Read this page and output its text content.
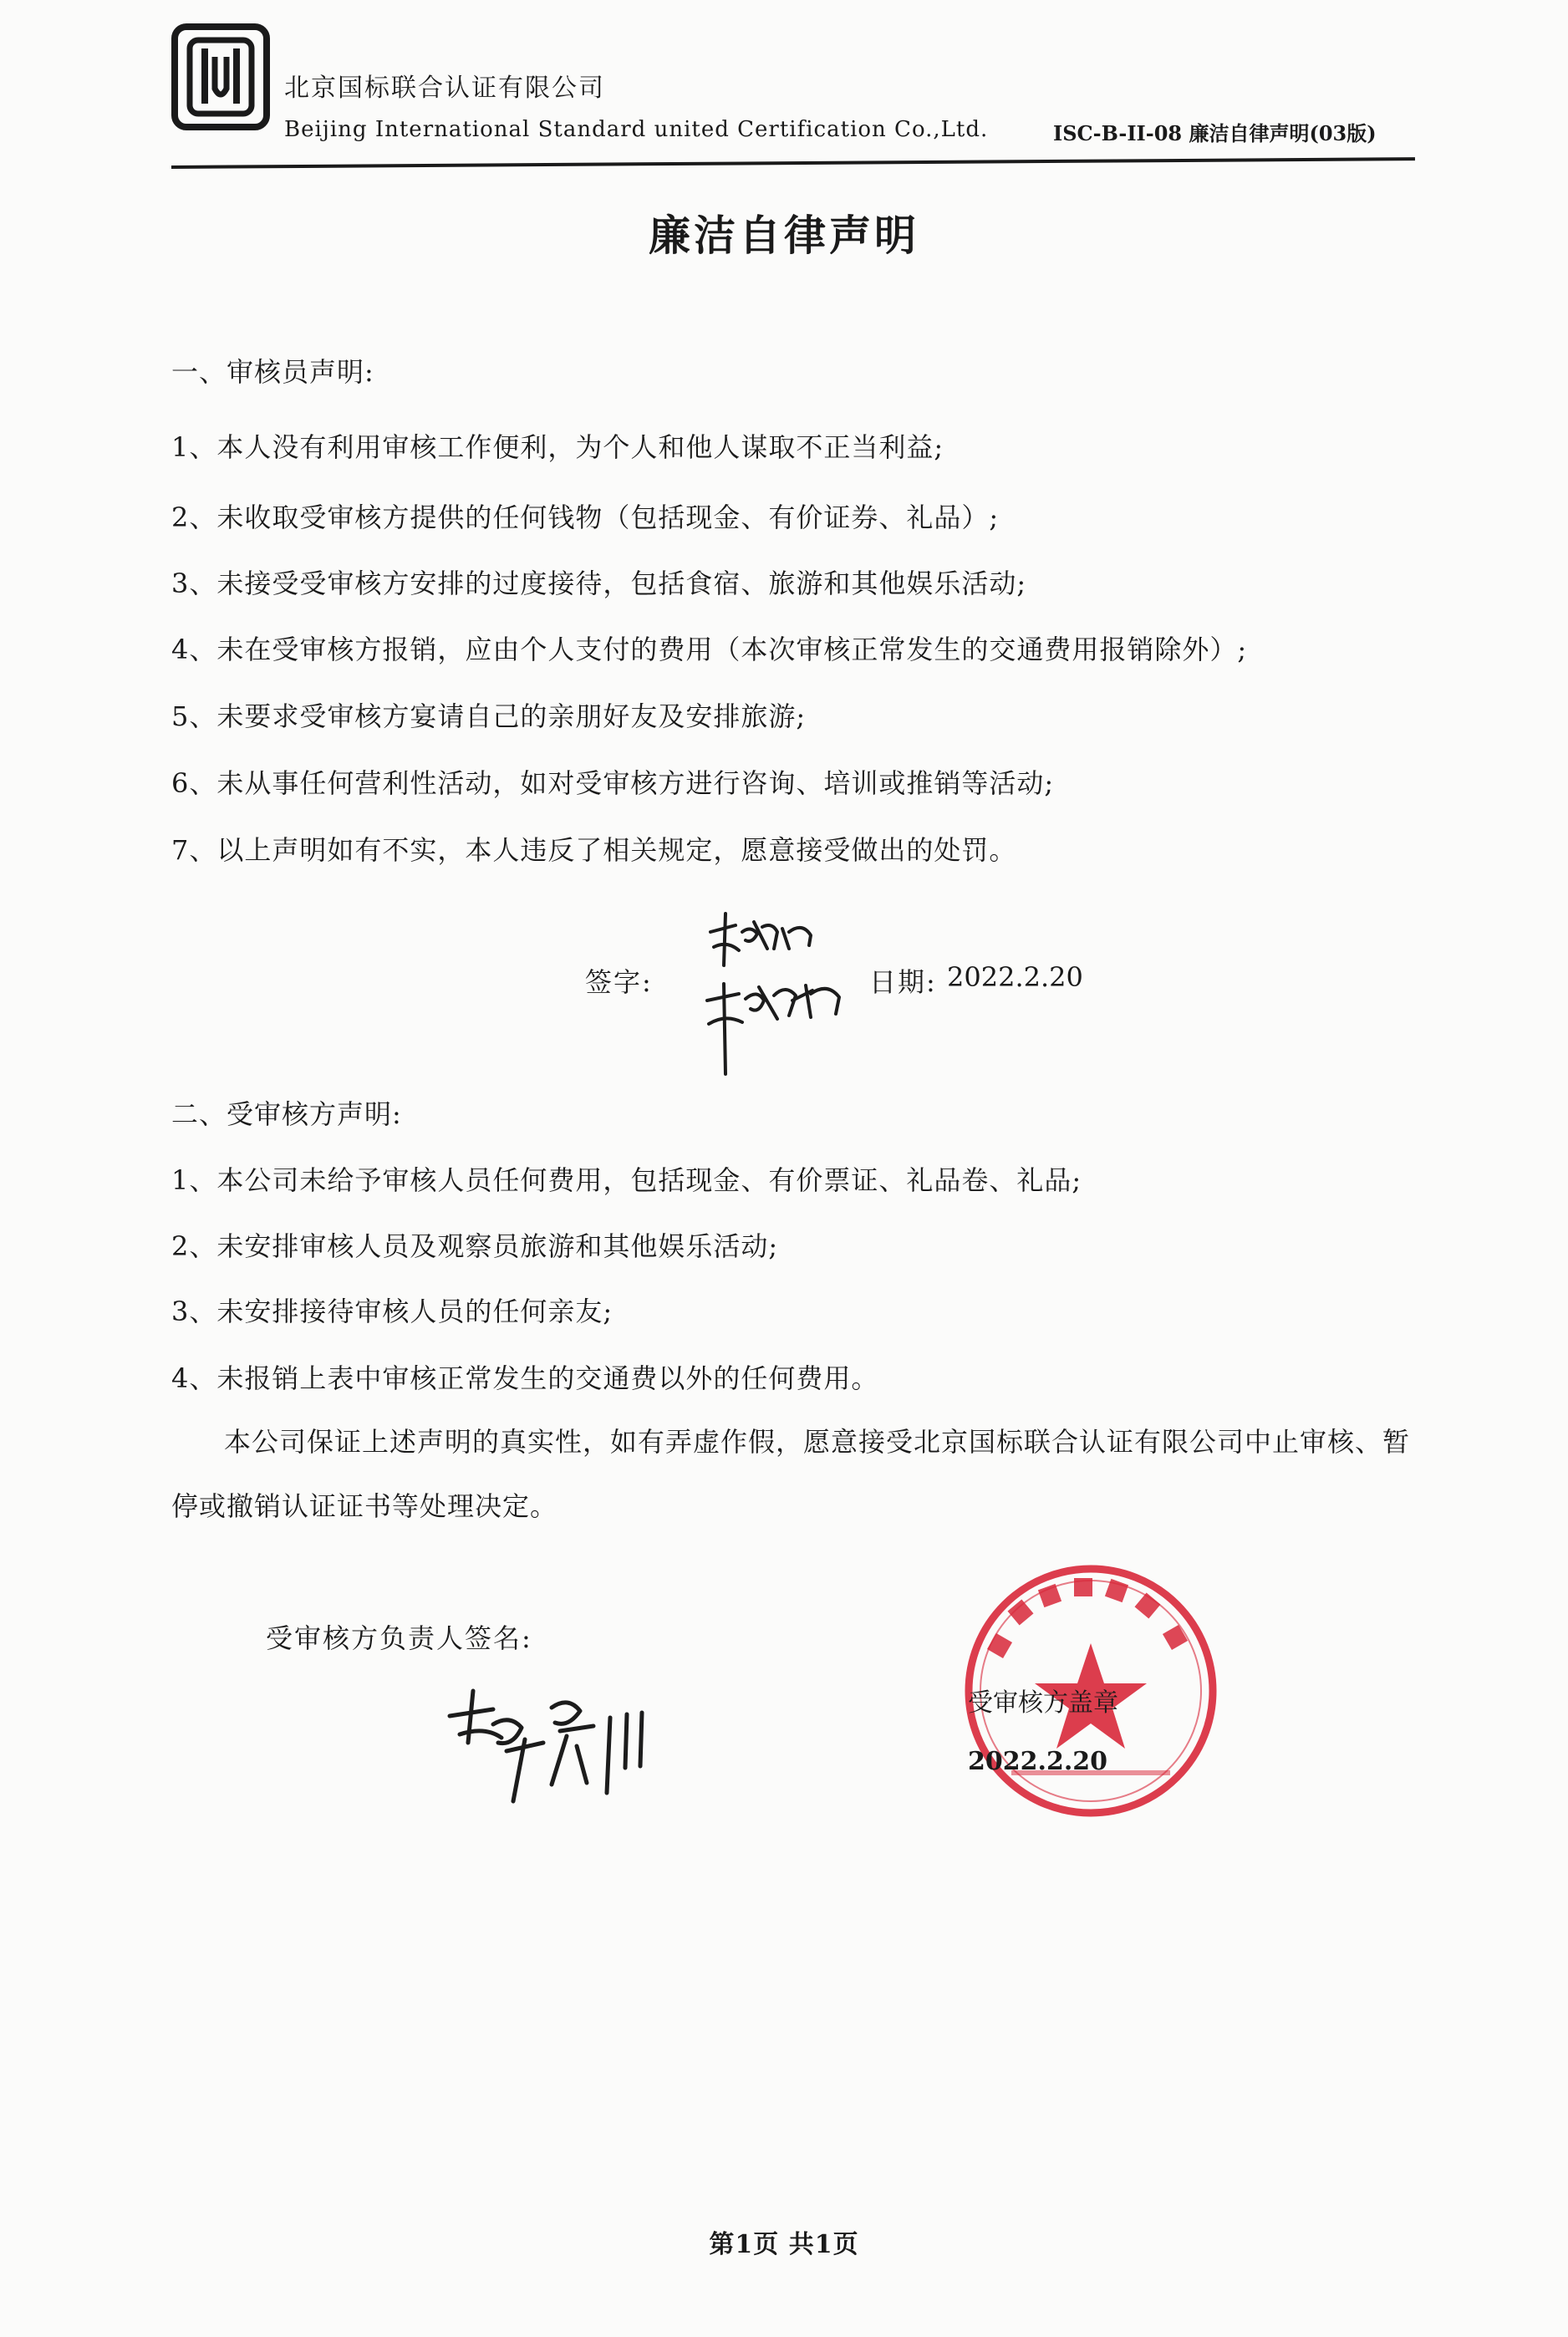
北京国标联合认证有限公司
Beijing International Standard united Certification Co.,Ltd.	ISC-B-II-08 廉洁自律声明(03版)
廉洁自律声明
一、审核员声明:
1、本人没有利用审核工作便利，为个人和他人谋取不正当利益;
2、未收取受审核方提供的任何钱物（包括现金、有价证券、礼品）;
3、未接受受审核方安排的过度接待，包括食宿、旅游和其他娱乐活动;
4、未在受审核方报销，应由个人支付的费用（本次审核正常发生的交通费用报销除外）;
5、未要求受审核方宴请自己的亲朋好友及安排旅游;
6、未从事任何营利性活动，如对受审核方进行咨询、培训或推销等活动;
7、以上声明如有不实，本人违反了相关规定，愿意接受做出的处罚。
签字:	日期: 2022.2.20
二、受审核方声明:
1、本公司未给予审核人员任何费用，包括现金、有价票证、礼品卷、礼品;
2、未安排审核人员及观察员旅游和其他娱乐活动;
3、未安排接待审核人员的任何亲友;
4、未报销上表中审核正常发生的交通费以外的任何费用。
本公司保证上述声明的真实性，如有弄虚作假，愿意接受北京国标联合认证有限公司中止审核、暂
停或撤销认证证书等处理决定。
受审核方负责人签名:
受审核方盖章
2022.2.20
第1页 共1页
